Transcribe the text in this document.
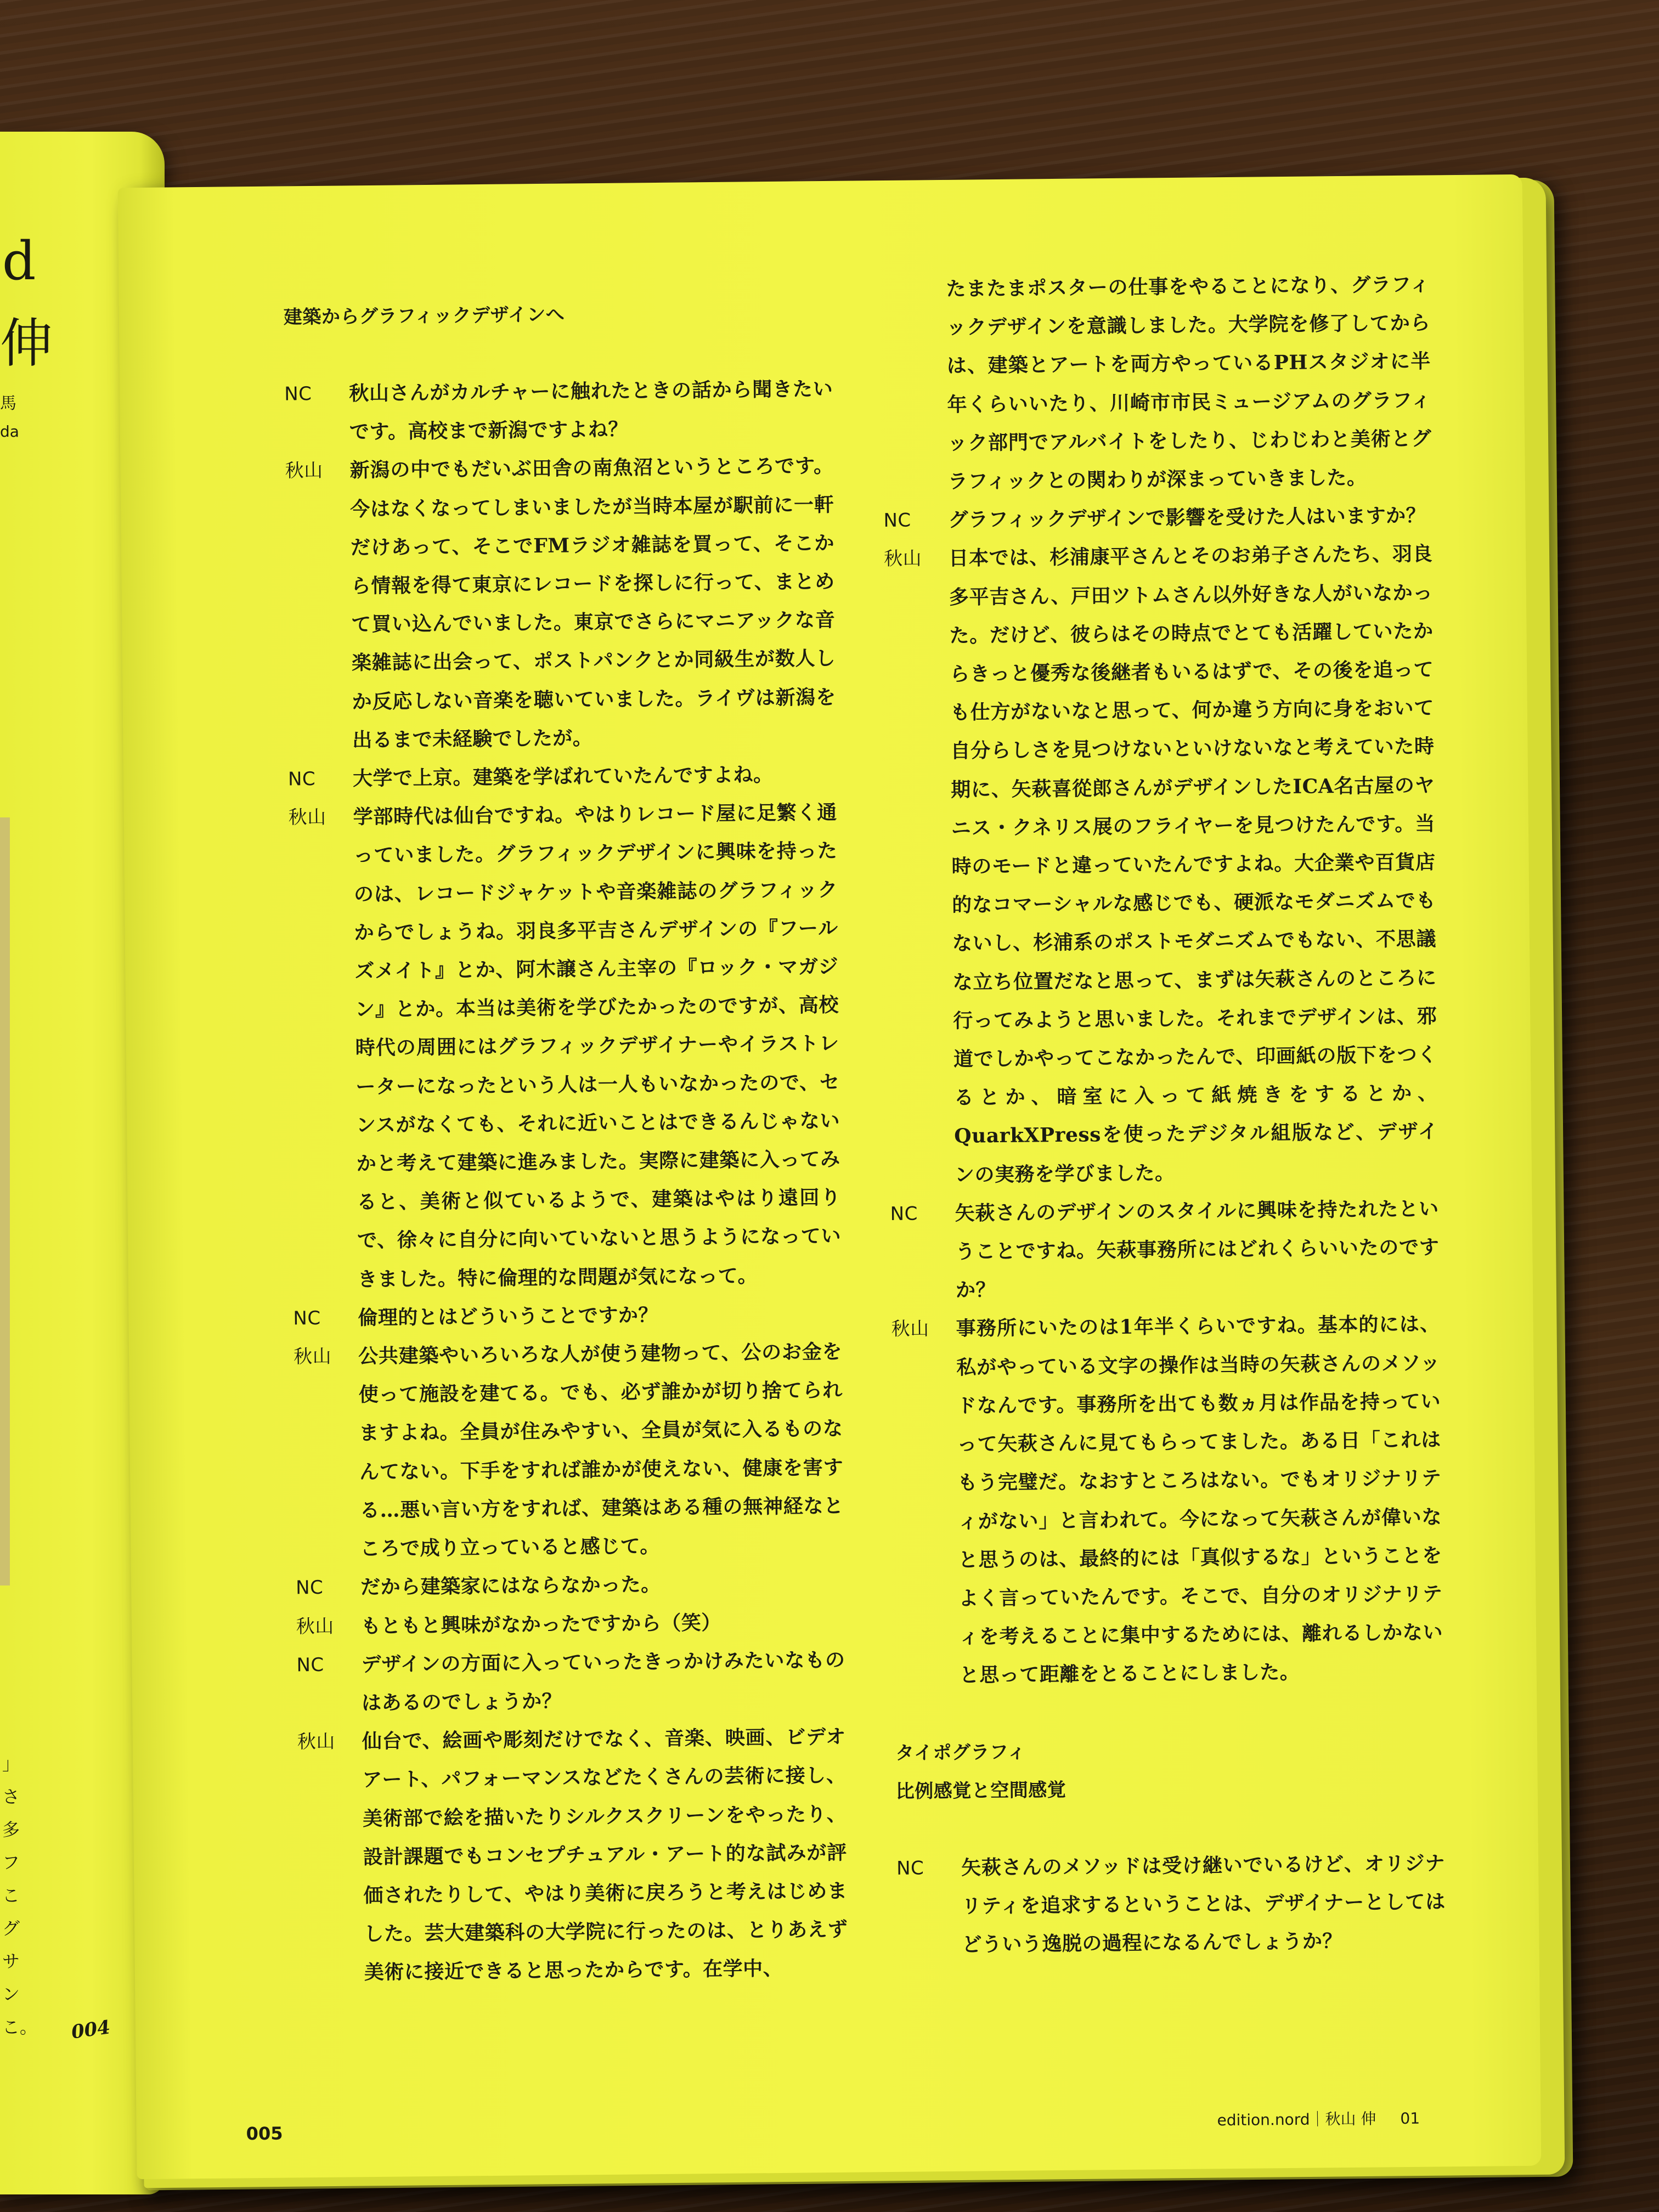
d
伸
馬
da
」
さ
多
フ
こ
グ
サ
ン
こ。 004

建築からグラフィックデザインへ

NC	秋山さんがカルチャーに触れたときの話から聞きたいです。高校まで新潟ですよね？
秋山	新潟の中でもだいぶ田舎の南魚沼というところです。今はなくなってしまいましたが当時本屋が駅前に一軒だけあって、そこでFMラジオ雑誌を買って、そこから情報を得て東京にレコードを探しに行って、まとめて買い込んでいました。東京でさらにマニアックな音楽雑誌に出会って、ポストパンクとか同級生が数人しか反応しない音楽を聴いていました。ライヴは新潟を出るまで未経験でしたが。
NC	大学で上京。建築を学ばれていたんですよね。
秋山	学部時代は仙台ですね。やはりレコード屋に足繁く通っていました。グラフィックデザインに興味を持ったのは、レコードジャケットや音楽雑誌のグラフィックからでしょうね。羽良多平吉さんデザインの『フールズメイト』とか、阿木譲さん主宰の『ロック・マガジン』とか。本当は美術を学びたかったのですが、高校時代の周囲にはグラフィックデザイナーやイラストレーターになったという人は一人もいなかったので、センスがなくても、それに近いことはできるんじゃないかと考えて建築に進みました。実際に建築に入ってみると、美術と似ているようで、建築はやはり遠回りで、徐々に自分に向いていないと思うようになっていきました。特に倫理的な問題が気になって。
NC	倫理的とはどういうことですか？
秋山	公共建築やいろいろな人が使う建物って、公のお金を使って施設を建てる。でも、必ず誰かが切り捨てられますよね。全員が住みやすい、全員が気に入るものなんてない。下手をすれば誰かが使えない、健康を害する…悪い言い方をすれば、建築はある種の無神経なところで成り立っていると感じて。
NC	だから建築家にはならなかった。
秋山	もともと興味がなかったですから（笑）
NC	デザインの方面に入っていったきっかけみたいなものはあるのでしょうか？
秋山	仙台で、絵画や彫刻だけでなく、音楽、映画、ビデオアート、パフォーマンスなどたくさんの芸術に接し、美術部で絵を描いたりシルクスクリーンをやったり、設計課題でもコンセプチュアル・アート的な試みが評価されたりして、やはり美術に戻ろうと考えはじめました。芸大建築科の大学院に行ったのは、とりあえず美術に接近できると思ったからです。在学中、
たまたまポスターの仕事をやることになり、グラフィックデザインを意識しました。大学院を修了してからは、建築とアートを両方やっているPHスタジオに半年くらいいたり、川崎市市民ミュージアムのグラフィック部門でアルバイトをしたり、じわじわと美術とグラフィックとの関わりが深まっていきました。
NC	グラフィックデザインで影響を受けた人はいますか？
秋山	日本では、杉浦康平さんとそのお弟子さんたち、羽良多平吉さん、戸田ツトムさん以外好きな人がいなかった。だけど、彼らはその時点でとても活躍していたからきっと優秀な後継者もいるはずで、その後を追っても仕方がないなと思って、何か違う方向に身をおいて自分らしさを見つけないといけないなと考えていた時期に、矢萩喜從郎さんがデザインしたICA名古屋のヤニス・クネリス展のフライヤーを見つけたんです。当時のモードと違っていたんですよね。大企業や百貨店的なコマーシャルな感じでも、硬派なモダニズムでもないし、杉浦系のポストモダニズムでもない、不思議な立ち位置だなと思って、まずは矢萩さんのところに行ってみようと思いました。それまでデザインは、邪道でしかやってこなかったんで、印画紙の版下をつくるとか、暗室に入って紙焼きをするとか、QuarkXPressを使ったデジタル組版など、デザインの実務を学びました。
NC	矢萩さんのデザインのスタイルに興味を持たれたということですね。矢萩事務所にはどれくらいいたのですか？
秋山	事務所にいたのは1年半くらいですね。基本的には、私がやっている文字の操作は当時の矢萩さんのメソッドなんです。事務所を出ても数ヵ月は作品を持っていって矢萩さんに見てもらってました。ある日「これはもう完璧だ。なおすところはない。でもオリジナリティがない」と言われて。今になって矢萩さんが偉いなと思うのは、最終的には「真似するな」ということをよく言っていたんです。そこで、自分のオリジナリティを考えることに集中するためには、離れるしかないと思って距離をとることにしました。

タイポグラフィ

比例感覚と空間感覚

NC	矢萩さんのメソッドは受け継いでいるけど、オリジナリティを追求するということは、デザイナーとしてはどういう逸脱の過程になるんでしょうか？
005
edition.nord｜秋山 伸 01
